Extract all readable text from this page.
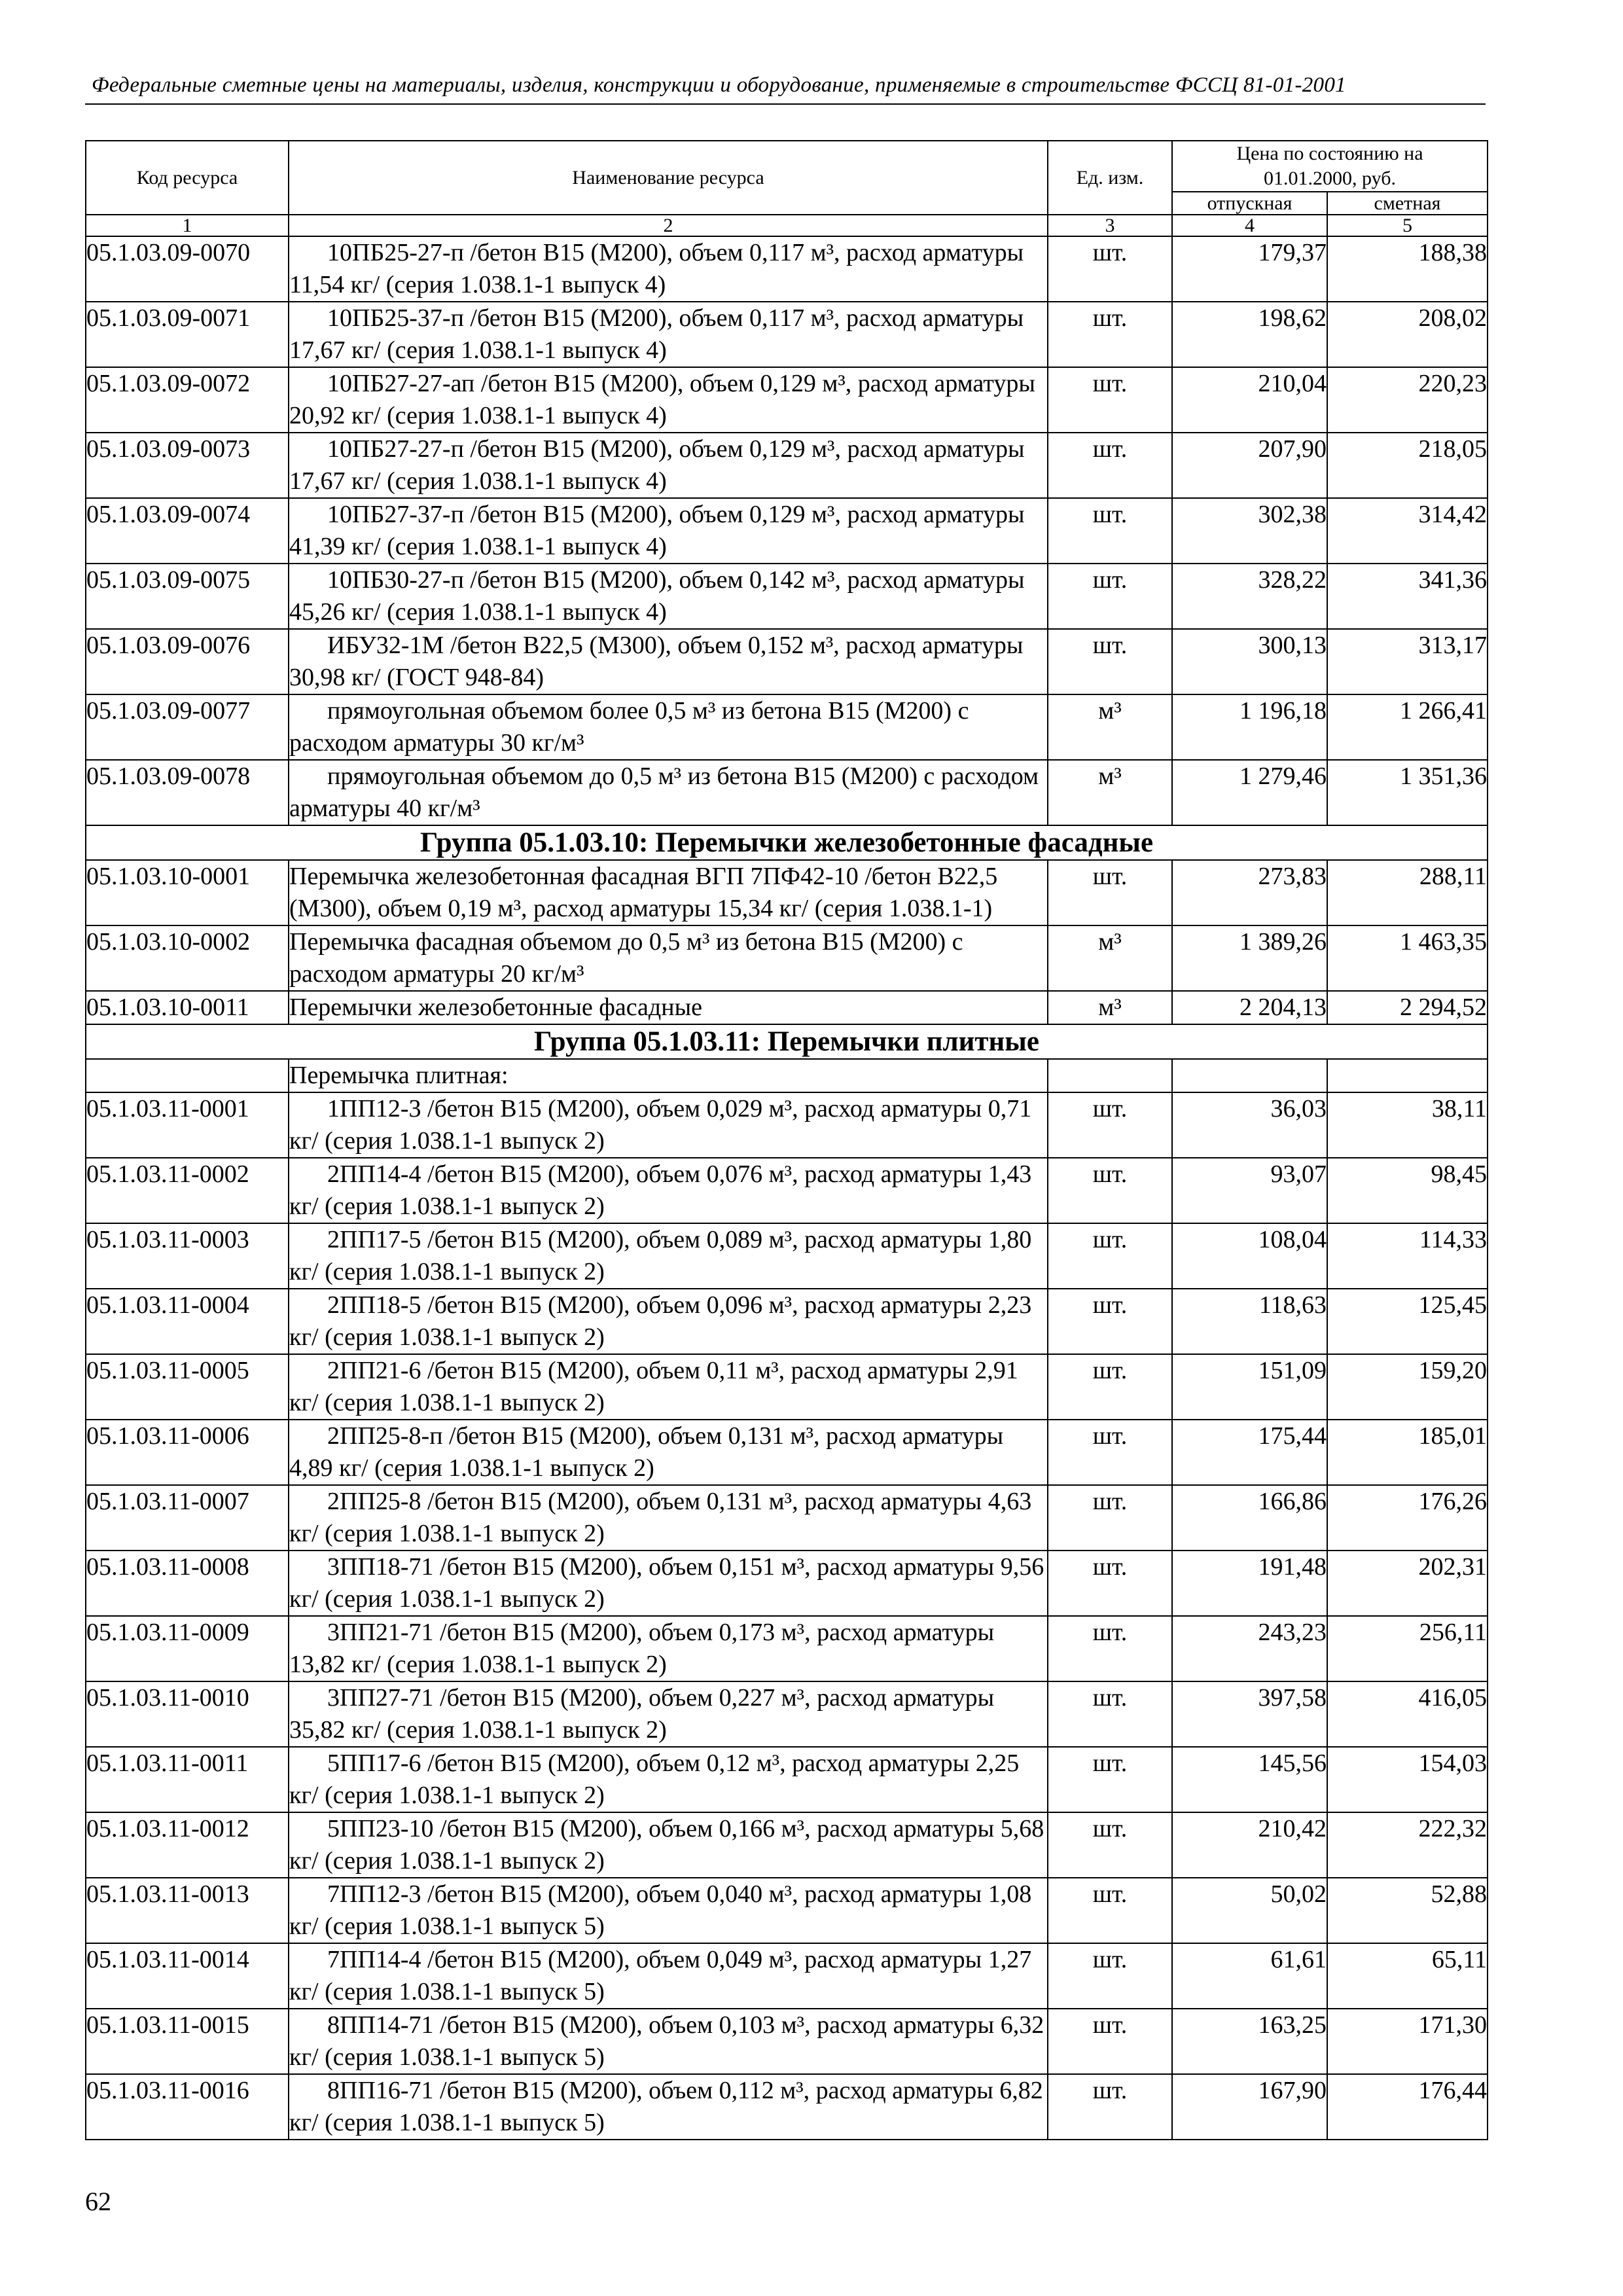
Федеральные сметные цены на материалы, изделия, конструкции и оборудование, применяемые в строительстве ФССЦ 81-01-2001
Код ресурса	Наименование ресурса	Ед. изм.	Цена по состоянию на 01.01.2000, руб.	
			отпускная	сметная
1	2	3	4	5
05.1.03.09-0070	10ПБ25-27-п /бетон В15 (М200), объем 0,117 м³, расход арматуры 11,54 кг/ (серия 1.038.1-1 выпуск 4)	шт.	179,37	188,38
05.1.03.09-0071	10ПБ25-37-п /бетон В15 (М200), объем 0,117 м³, расход арматуры 17,67 кг/ (серия 1.038.1-1 выпуск 4)	шт.	198,62	208,02
05.1.03.09-0072	10ПБ27-27-ап /бетон В15 (М200), объем 0,129 м³, расход арматуры 20,92 кг/ (серия 1.038.1-1 выпуск 4)	шт.	210,04	220,23
05.1.03.09-0073	10ПБ27-27-п /бетон В15 (М200), объем 0,129 м³, расход арматуры 17,67 кг/ (серия 1.038.1-1 выпуск 4)	шт.	207,90	218,05
05.1.03.09-0074	10ПБ27-37-п /бетон В15 (М200), объем 0,129 м³, расход арматуры 41,39 кг/ (серия 1.038.1-1 выпуск 4)	шт.	302,38	314,42
05.1.03.09-0075	10ПБ30-27-п /бетон В15 (М200), объем 0,142 м³, расход арматуры 45,26 кг/ (серия 1.038.1-1 выпуск 4)	шт.	328,22	341,36
05.1.03.09-0076	ИБУ32-1М /бетон В22,5 (М300), объем 0,152 м³, расход арматуры 30,98 кг/ (ГОСТ 948-84)	шт.	300,13	313,17
05.1.03.09-0077	прямоугольная объемом более 0,5 м³ из бетона В15 (М200) с расходом арматуры 30 кг/м³	м³	1 196,18	1 266,41
05.1.03.09-0078	прямоугольная объемом до 0,5 м³ из бетона В15 (М200) с расходом арматуры 40 кг/м³	м³	1 279,46	1 351,36
Группа 05.1.03.10: Перемычки железобетонные фасадные				
05.1.03.10-0001	Перемычка железобетонная фасадная ВГП 7ПФ42-10 /бетон В22,5 (М300), объем 0,19 м³, расход арматуры 15,34 кг/ (серия 1.038.1-1)	шт.	273,83	288,11
05.1.03.10-0002	Перемычка фасадная объемом до 0,5 м³ из бетона В15 (М200) с расходом арматуры 20 кг/м³	м³	1 389,26	1 463,35
05.1.03.10-0011	Перемычки железобетонные фасадные	м³	2 204,13	2 294,52
Группа 05.1.03.11: Перемычки плитные				
	Перемычка плитная:			
05.1.03.11-0001	1ПП12-3 /бетон В15 (М200), объем 0,029 м³, расход арматуры 0,71 кг/ (серия 1.038.1-1 выпуск 2)	шт.	36,03	38,11
05.1.03.11-0002	2ПП14-4 /бетон В15 (М200), объем 0,076 м³, расход арматуры 1,43 кг/ (серия 1.038.1-1 выпуск 2)	шт.	93,07	98,45
05.1.03.11-0003	2ПП17-5 /бетон В15 (М200), объем 0,089 м³, расход арматуры 1,80 кг/ (серия 1.038.1-1 выпуск 2)	шт.	108,04	114,33
05.1.03.11-0004	2ПП18-5 /бетон В15 (М200), объем 0,096 м³, расход арматуры 2,23 кг/ (серия 1.038.1-1 выпуск 2)	шт.	118,63	125,45
05.1.03.11-0005	2ПП21-6 /бетон В15 (М200), объем 0,11 м³, расход арматуры 2,91 кг/ (серия 1.038.1-1 выпуск 2)	шт.	151,09	159,20
05.1.03.11-0006	2ПП25-8-п /бетон В15 (М200), объем 0,131 м³, расход арматуры 4,89 кг/ (серия 1.038.1-1 выпуск 2)	шт.	175,44	185,01
05.1.03.11-0007	2ПП25-8 /бетон В15 (М200), объем 0,131 м³, расход арматуры 4,63 кг/ (серия 1.038.1-1 выпуск 2)	шт.	166,86	176,26
05.1.03.11-0008	3ПП18-71 /бетон В15 (М200), объем 0,151 м³, расход арматуры 9,56 кг/ (серия 1.038.1-1 выпуск 2)	шт.	191,48	202,31
05.1.03.11-0009	3ПП21-71 /бетон В15 (М200), объем 0,173 м³, расход арматуры 13,82 кг/ (серия 1.038.1-1 выпуск 2)	шт.	243,23	256,11
05.1.03.11-0010	3ПП27-71 /бетон В15 (М200), объем 0,227 м³, расход арматуры 35,82 кг/ (серия 1.038.1-1 выпуск 2)	шт.	397,58	416,05
05.1.03.11-0011	5ПП17-6 /бетон В15 (М200), объем 0,12 м³, расход арматуры 2,25 кг/ (серия 1.038.1-1 выпуск 2)	шт.	145,56	154,03
05.1.03.11-0012	5ПП23-10 /бетон В15 (М200), объем 0,166 м³, расход арматуры 5,68 кг/ (серия 1.038.1-1 выпуск 2)	шт.	210,42	222,32
05.1.03.11-0013	7ПП12-3 /бетон В15 (М200), объем 0,040 м³, расход арматуры 1,08 кг/ (серия 1.038.1-1 выпуск 5)	шт.	50,02	52,88
05.1.03.11-0014	7ПП14-4 /бетон В15 (М200), объем 0,049 м³, расход арматуры 1,27 кг/ (серия 1.038.1-1 выпуск 5)	шт.	61,61	65,11
05.1.03.11-0015	8ПП14-71 /бетон В15 (М200), объем 0,103 м³, расход арматуры 6,32 кг/ (серия 1.038.1-1 выпуск 5)	шт.	163,25	171,30
05.1.03.11-0016	8ПП16-71 /бетон В15 (М200), объем 0,112 м³, расход арматуры 6,82 кг/ (серия 1.038.1-1 выпуск 5)	шт.	167,90	176,44
62
